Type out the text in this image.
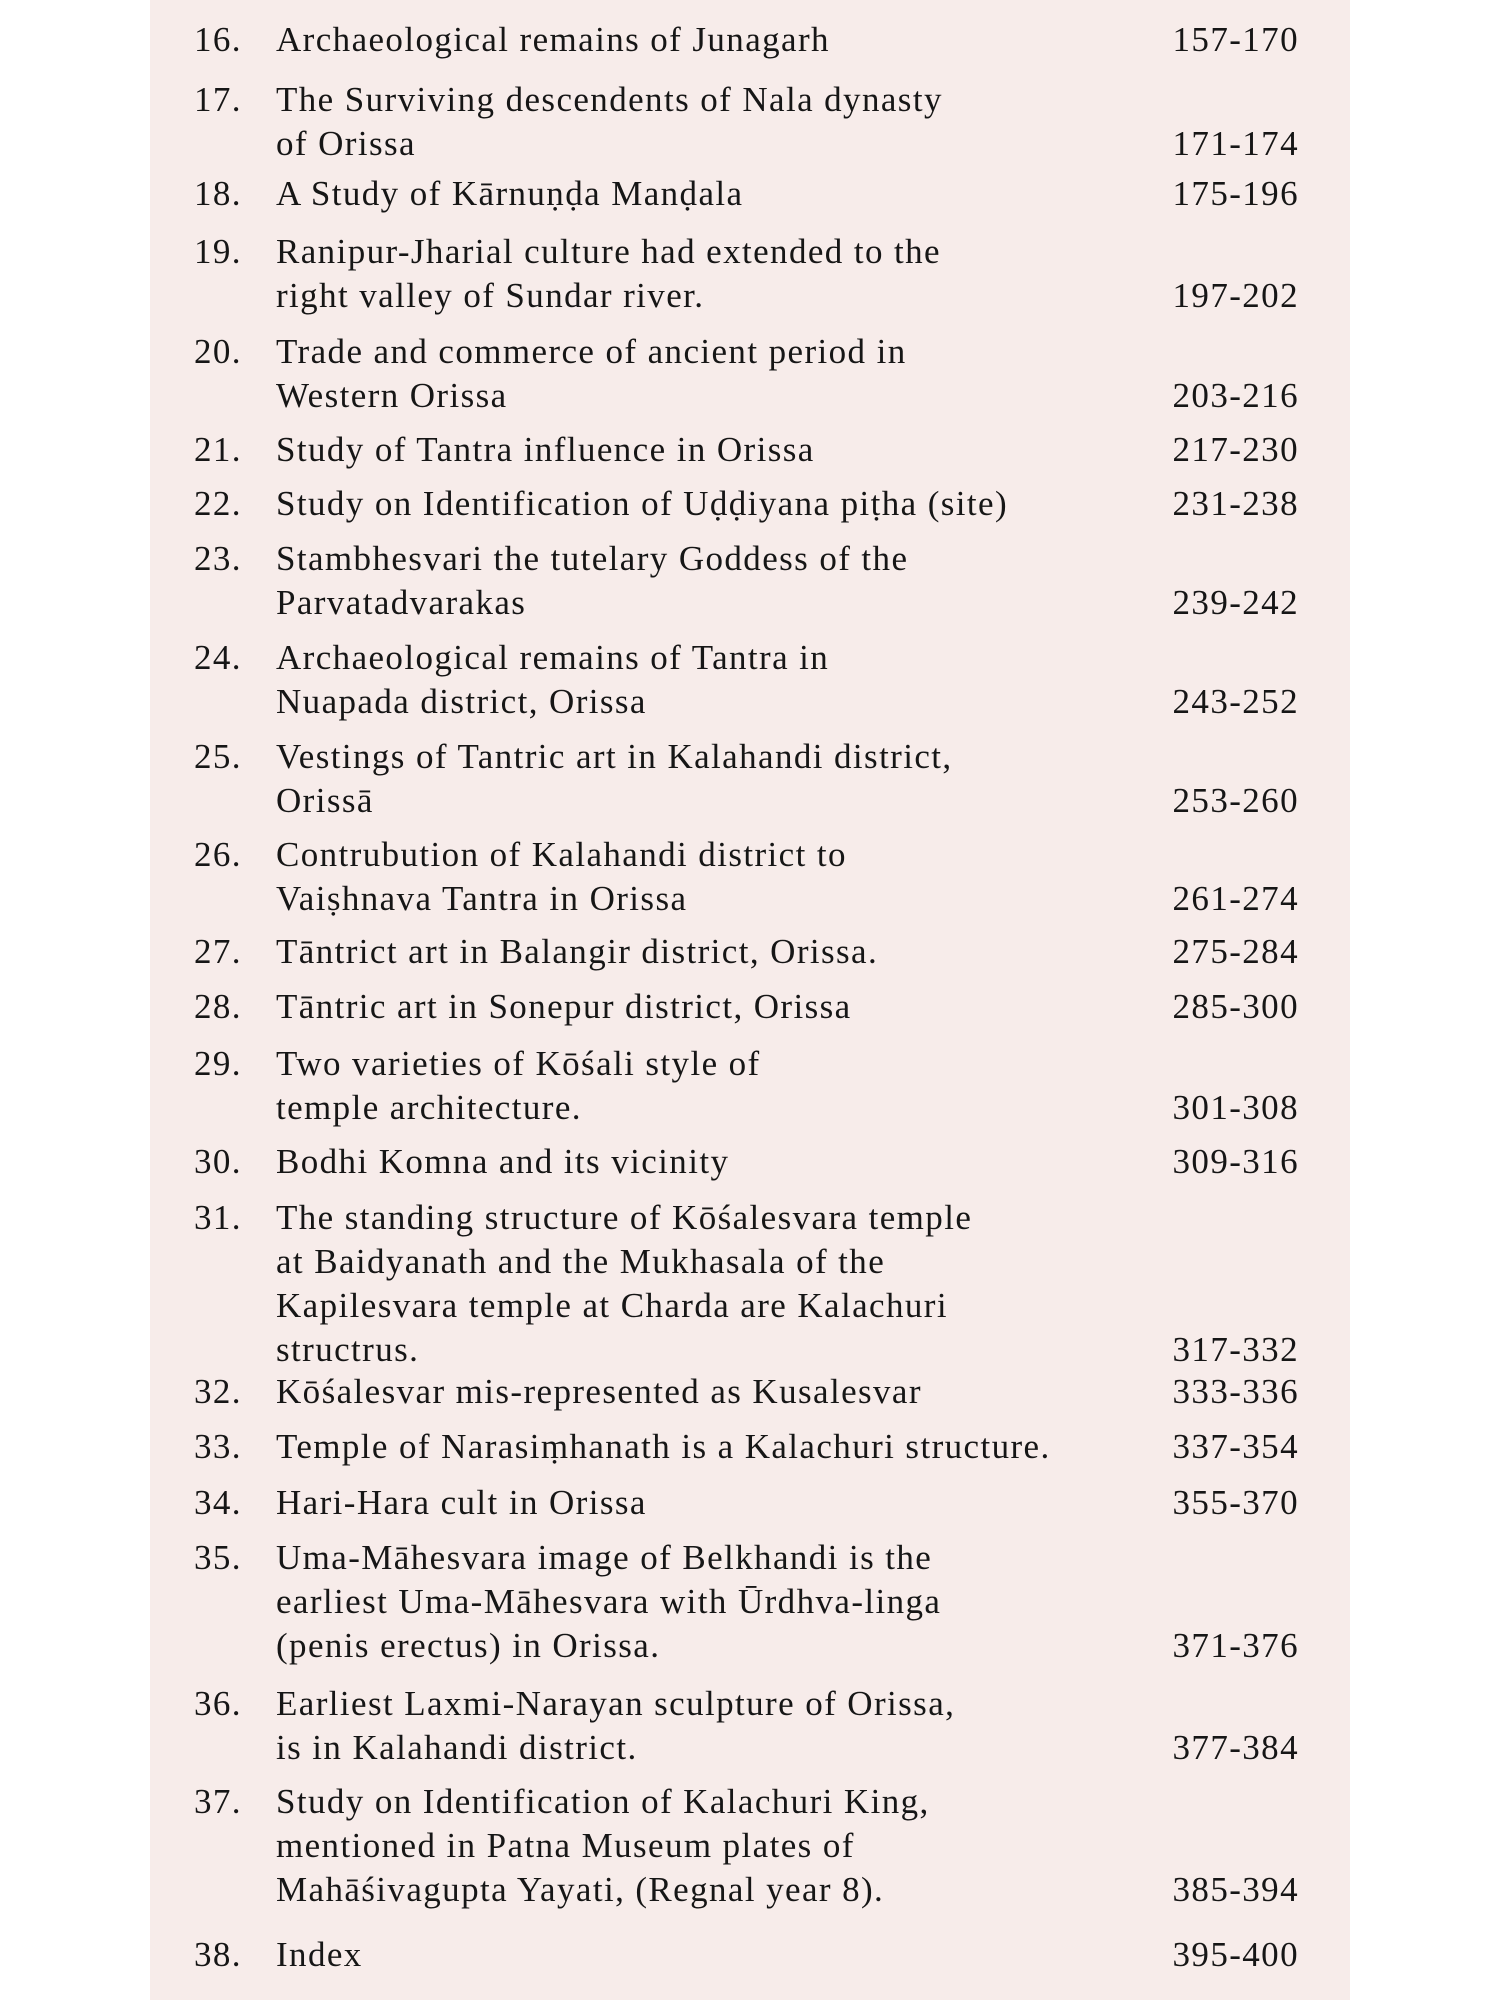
16. Archaeological remains of Junagarh	157-170
17. The Surviving descendents of Nala dynasty
of Orissa	171-174
18. A Study of Kārnuṇḍa Manḍala	175-196
19. Ranipur-Jharial culture had extended to the
right valley of Sundar river.	197-202
20. Trade and commerce of ancient period in
Western Orissa	203-216
21. Study of Tantra influence in Orissa	217-230
22. Study on Identification of Uḍḍiyana piṭha (site)	231-238
23. Stambhesvari the tutelary Goddess of the
Parvatadvarakas	239-242
24. Archaeological remains of Tantra in
Nuapada district, Orissa	243-252
25. Vestings of Tantric art in Kalahandi district,
Orissā	253-260
26. Contrubution of Kalahandi district to
Vaiṣhnava Tantra in Orissa	261-274
27. Tāntrict art in Balangir district, Orissa.	275-284
28. Tāntric art in Sonepur district, Orissa	285-300
29. Two varieties of Kōśali style of
temple architecture.	301-308
30. Bodhi Komna and its vicinity	309-316
31. The standing structure of Kōśalesvara temple
at Baidyanath and the Mukhasala of the
Kapilesvara temple at Charda are Kalachuri
structrus.	317-332
32. Kōśalesvar mis-represented as Kusalesvar	333-336
33. Temple of Narasiṃhanath is a Kalachuri structure.	337-354
34. Hari-Hara cult in Orissa	355-370
35. Uma-Māhesvara image of Belkhandi is the
earliest Uma-Māhesvara with Ūrdhva-linga
(penis erectus) in Orissa.	371-376
36. Earliest Laxmi-Narayan sculpture of Orissa,
is in Kalahandi district.	377-384
37. Study on Identification of Kalachuri King,
mentioned in Patna Museum plates of
Mahāśivagupta Yayati, (Regnal year 8).	385-394
38. Index	395-400
